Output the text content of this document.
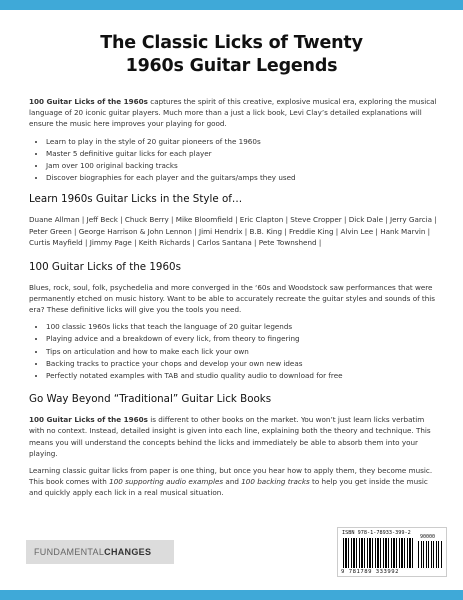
The Classic Licks of Twenty
1960s Guitar Legends

100 Guitar Licks of the 1960s captures the spirit of this creative, explosive musical era, exploring the musical language of 20 iconic guitar players. Much more than a just a lick book, Levi Clay’s detailed explanations will ensure the music here improves your playing for good.

• Learn to play in the style of 20 guitar pioneers of the 1960s
• Master 5 definitive guitar licks for each player
• Jam over 100 original backing tracks
• Discover biographies for each player and the guitars/amps they used
Learn 1960s Guitar Licks in the Style of…

Duane Allman | Jeff Beck | Chuck Berry | Mike Bloomfield | Eric Clapton | Steve Cropper | Dick Dale | Jerry Garcia | Peter Green | George Harrison & John Lennon | Jimi Hendrix | B.B. King | Freddie King | Alvin Lee | Hank Marvin | Curtis Mayfield | Jimmy Page | Keith Richards | Carlos Santana | Pete Townshend |

100 Guitar Licks of the 1960s

Blues, rock, soul, folk, psychedelia and more converged in the ‘60s and Woodstock saw performances that were permanently etched on music history. Want to be able to accurately recreate the guitar styles and sounds of this era? These definitive licks will give you the tools you need.

• 100 classic 1960s licks that teach the language of 20 guitar legends
• Playing advice and a breakdown of every lick, from theory to fingering
• Tips on articulation and how to make each lick your own
• Backing tracks to practice your chops and develop your own new ideas
• Perfectly notated examples with TAB and studio quality audio to download for free
Go Way Beyond “Traditional” Guitar Lick Books

100 Guitar Licks of the 1960s is different to other books on the market. You won’t just learn licks verbatim with no context. Instead, detailed insight is given into each line, explaining both the theory and technique. This means you will understand the concepts behind the licks and immediately be able to absorb them into your playing.

Learning classic guitar licks from paper is one thing, but once you hear how to apply them, they become music. This book comes with 100 supporting audio examples and 100 backing tracks to help you get inside the music and quickly apply each lick in a real musical situation.

FUNDAMENTAL CHANGES
ISBN 978-1-78933-399-2
90000
9 781789 333992
